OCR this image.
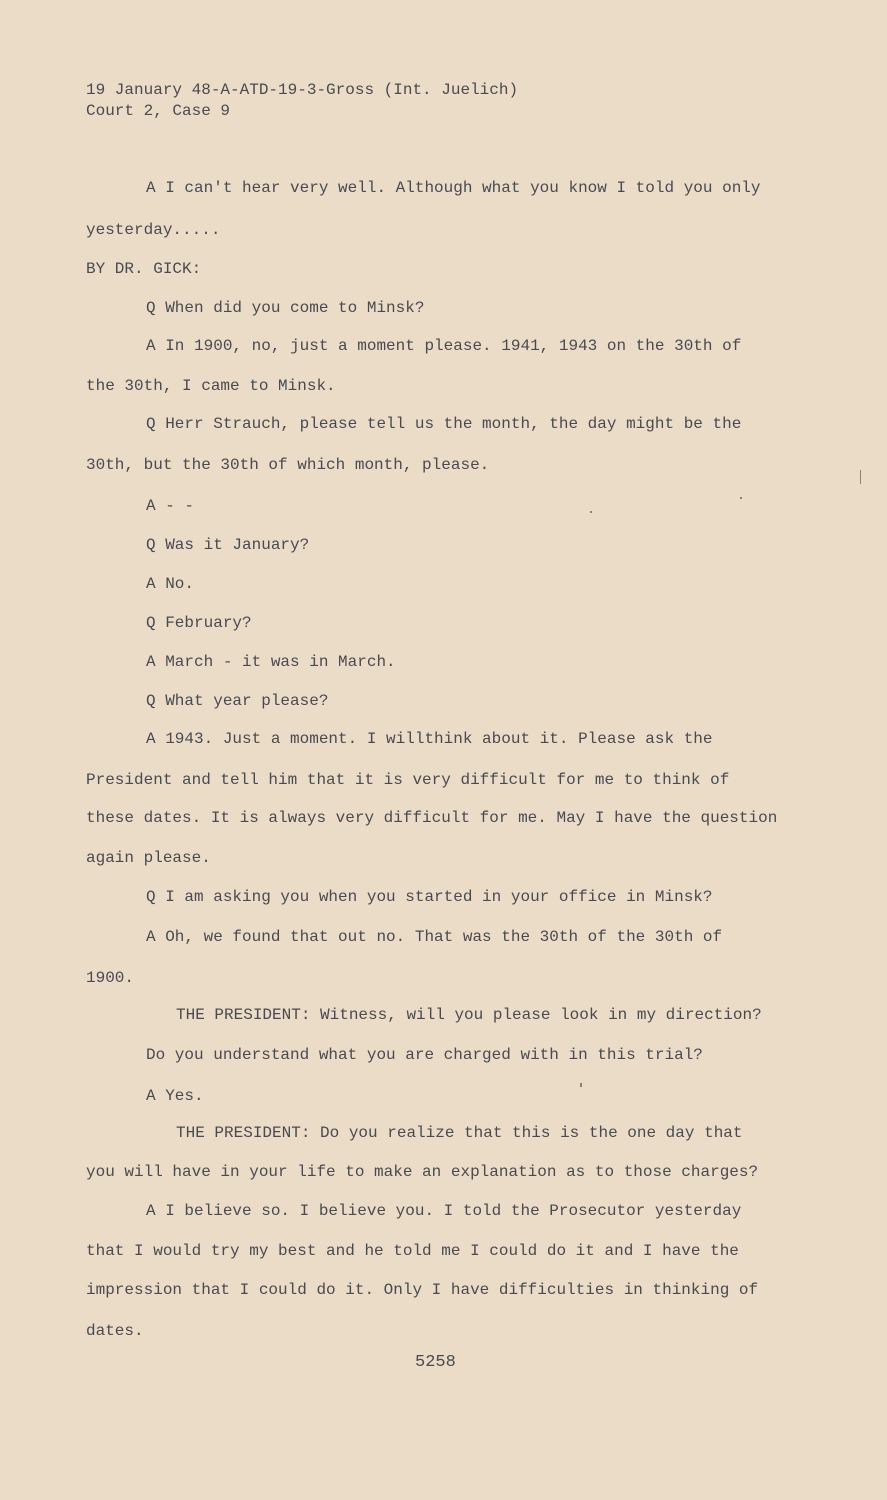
19 January 48-A-ATD-19-3-Gross (Int. Juelich)
Court 2, Case 9
A I can't hear very well. Although what you know I told you only
yesterday.....
BY DR. GICK:
Q When did you come to Minsk?
A In 1900, no, just a moment please. 1941, 1943 on the 30th of
the 30th, I came to Minsk.
Q Herr Strauch, please tell us the month, the day might be the
30th, but the 30th of which month, please.
A - -
Q Was it January?
A No.
Q February?
A March - it was in March.
Q What year please?
A 1943. Just a moment. I willthink about it. Please ask the
President and tell him that it is very difficult for me to think of
these dates. It is always very difficult for me. May I have the question
again please.
Q I am asking you when you started in your office in Minsk?
A Oh, we found that out no. That was the 30th of the 30th of
1900.
THE PRESIDENT: Witness, will you please look in my direction?
Do you understand what you are charged with in this trial?
A Yes.
THE PRESIDENT: Do you realize that this is the one day that
you will have in your life to make an explanation as to those charges?
A I believe so. I believe you. I told the Prosecutor yesterday
that I would try my best and he told me I could do it and I have the
impression that I could do it. Only I have difficulties in thinking of
dates.
5258
